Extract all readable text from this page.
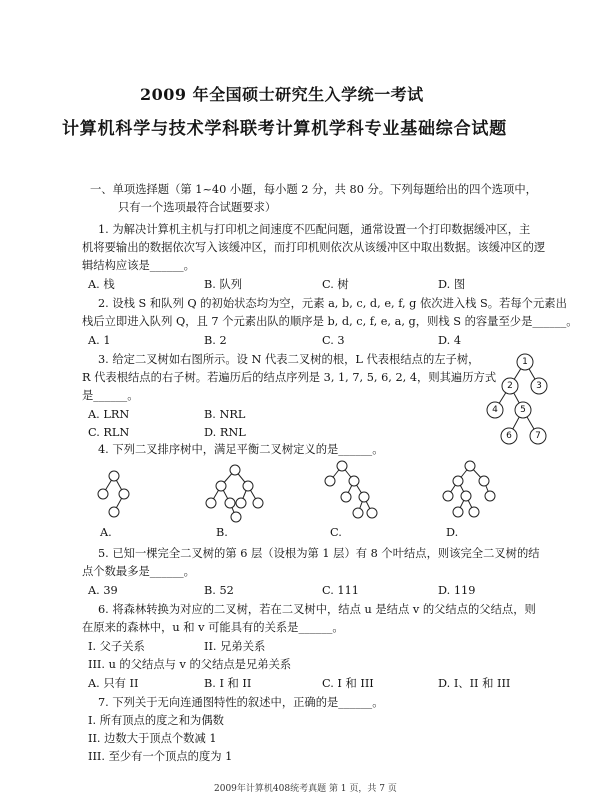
2009 年全国硕士研究生入学统一考试
计算机科学与技术学科联考计算机学科专业基础综合试题
一、单项选择题（第 1~40 小题，每小题 2 分，共 80 分。下列每题给出的四个选项中，
只有一个选项最符合试题要求）
1. 为解决计算机主机与打印机之间速度不匹配问题，通常设置一个打印数据缓冲区，主
机将要输出的数据依次写入该缓冲区，而打印机则依次从该缓冲区中取出数据。该缓冲区的逻
辑结构应该是______。
A. 栈	B. 队列	C. 树	D. 图
2. 设栈 S 和队列 Q 的初始状态均为空，元素 a, b, c, d, e, f, g 依次进入栈 S。若每个元素出
栈后立即进入队列 Q，且 7 个元素出队的顺序是 b, d, c, f, e, a, g，则栈 S 的容量至少是______。
A. 1	B. 2	C. 3	D. 4
3. 给定二叉树如右图所示。设 N 代表二叉树的根，L 代表根结点的左子树，
R 代表根结点的右子树。若遍历后的结点序列是 3, 1, 7, 5, 6, 2, 4，则其遍历方式
是______。
A. LRN	B. NRL
C. RLN	D. RNL
1
2	3
4 5
6	7
4. 下列二叉排序树中，满足平衡二叉树定义的是______。
A.	B.	C.	D.
5. 已知一棵完全二叉树的第 6 层（设根为第 1 层）有 8 个叶结点，则该完全二叉树的结
点个数最多是______。
A. 39	B. 52	C. 111	D. 119
6. 将森林转换为对应的二叉树，若在二叉树中，结点 u 是结点 v 的父结点的父结点，则
在原来的森林中，u 和 v 可能具有的关系是______。
I. 父子关系	II. 兄弟关系
III. u 的父结点与 v 的父结点是兄弟关系
A. 只有 II	B. I 和 II	C. I 和 III	D. I、II 和 III
7. 下列关于无向连通图特性的叙述中，正确的是______。
I. 所有顶点的度之和为偶数
II. 边数大于顶点个数减 1
III. 至少有一个顶点的度为 1
2009年计算机408统考真题 第 1 页，共 7 页
